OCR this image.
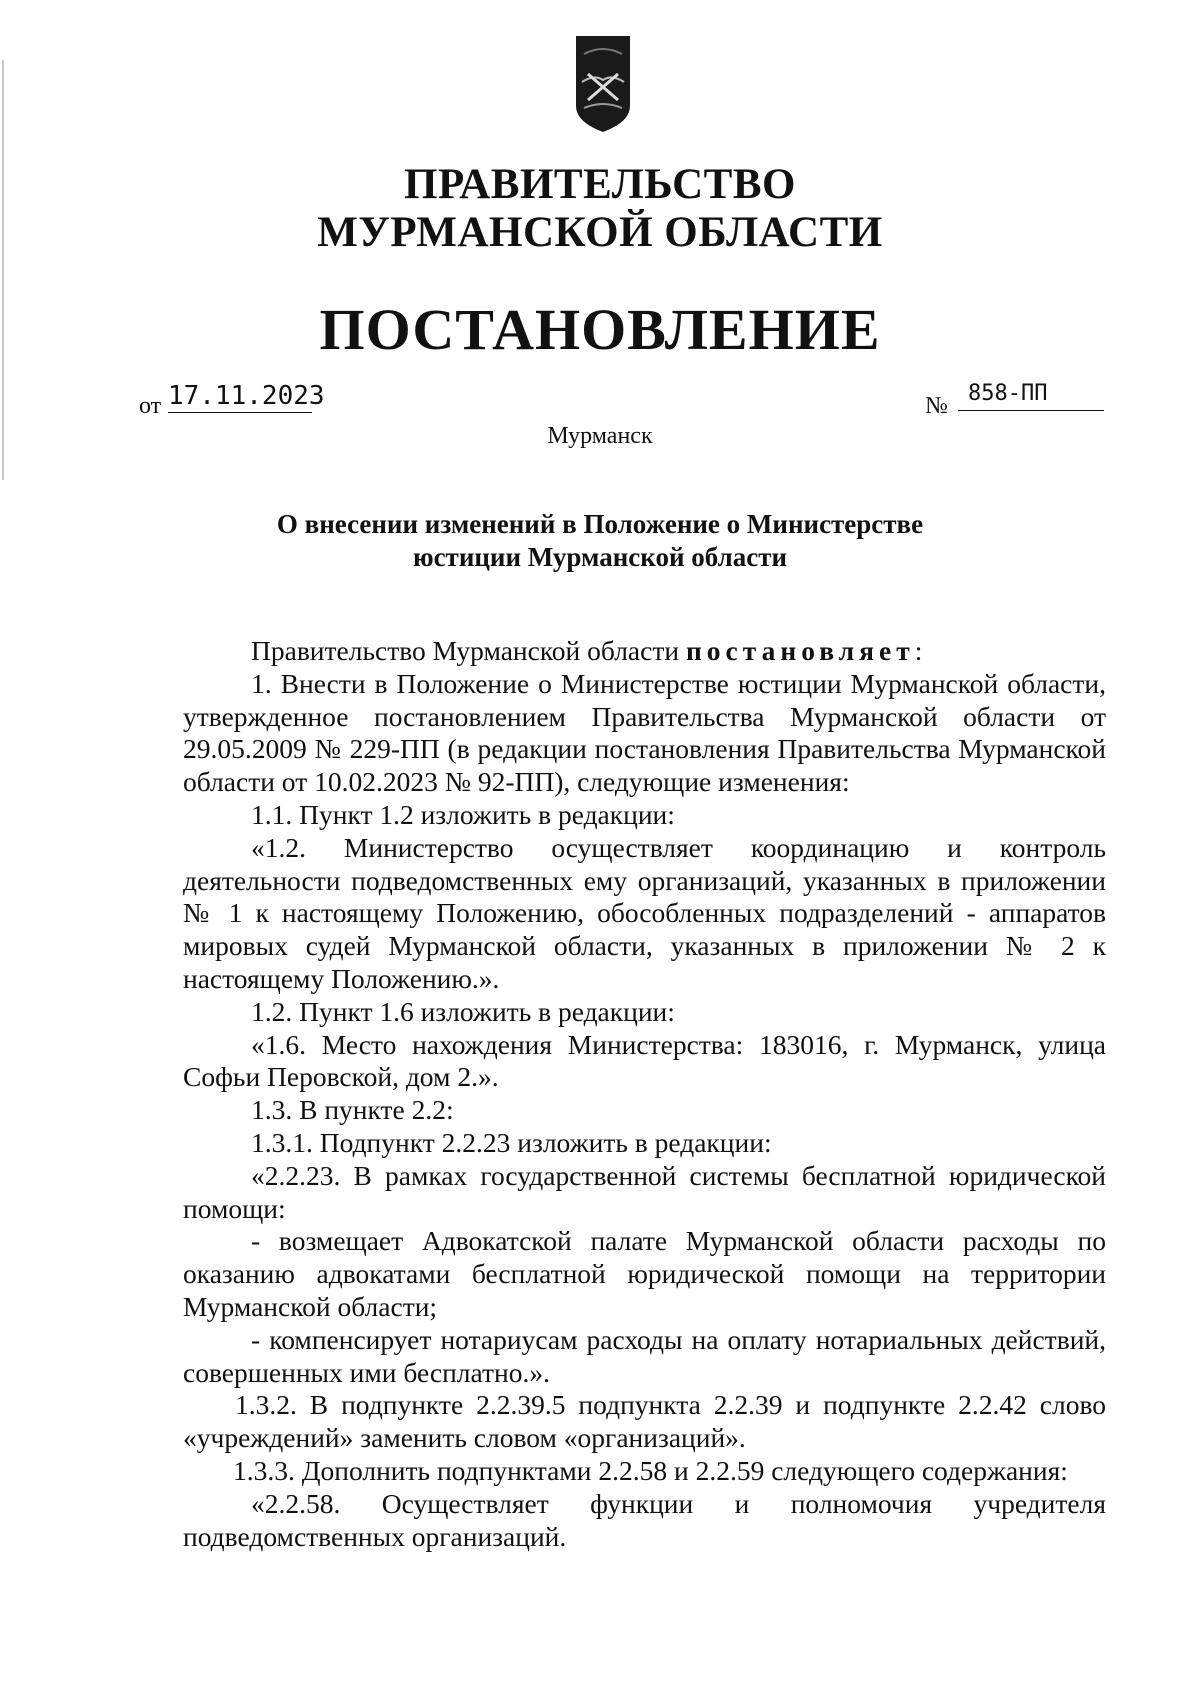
ПРАВИТЕЛЬСТВО
МУРМАНСКОЙ ОБЛАСТИ
ПОСТАНОВЛЕНИЕ
от 17.11.2023	№ 858-ПП
Мурманск
О внесении изменений в Положение о Министерстве
юстиции Мурманской области

Правительство Мурманской области постановляет:

1. Внести в Положение о Министерстве юстиции Мурманской области, утвержденное постановлением Правительства Мурманской области от 29.05.2009 № 229-ПП (в редакции постановления Правительства Мурманской области от 10.02.2023 № 92-ПП), следующие изменения:

1.1. Пункт 1.2 изложить в редакции:

«1.2. Министерство осуществляет координацию и контроль деятельности подведомственных ему организаций, указанных в приложении № 1 к настоящему Положению, обособленных подразделений - аппаратов мировых судей Мурманской области, указанных в приложении № 2 к настоящему Положению.».

1.2. Пункт 1.6 изложить в редакции:

«1.6. Место нахождения Министерства: 183016, г. Мурманск, улица Софьи Перовской, дом 2.».

1.3. В пункте 2.2:

1.3.1. Подпункт 2.2.23 изложить в редакции:

«2.2.23. В рамках государственной системы бесплатной юридической помощи:

- возмещает Адвокатской палате Мурманской области расходы по оказанию адвокатами бесплатной юридической помощи на территории Мурманской области;

- компенсирует нотариусам расходы на оплату нотариальных действий, совершенных ими бесплатно.».

1.3.2. В подпункте 2.2.39.5 подпункта 2.2.39 и подпункте 2.2.42 слово «учреждений» заменить словом «организаций».

1.3.3. Дополнить подпунктами 2.2.58 и 2.2.59 следующего содержания:

«2.2.58. Осуществляет функции и полномочия учредителя подведомственных организаций.
